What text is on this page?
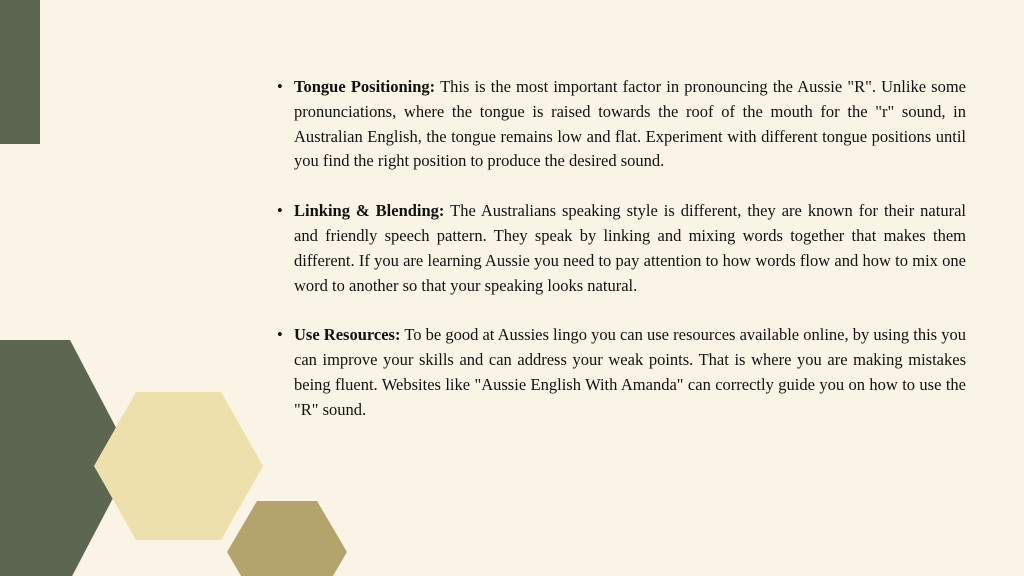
• Tongue Positioning: This is the most important factor in pronouncing the Aussie "R". Unlike some pronunciations, where the tongue is raised towards the roof of the mouth for the "r" sound, in Australian English, the tongue remains low and flat. Experiment with different tongue positions until you find the right position to produce the desired sound.
• Linking & Blending: The Australians speaking style is different, they are known for their natural and friendly speech pattern. They speak by linking and mixing words together that makes them different. If you are learning Aussie you need to pay attention to how words flow and how to mix one word to another so that your speaking looks natural.
• Use Resources: To be good at Aussies lingo you can use resources available online, by using this you can improve your skills and can address your weak points. That is where you are making mistakes being fluent. Websites like "Aussie English With Amanda" can correctly guide you on how to use the "R" sound.
